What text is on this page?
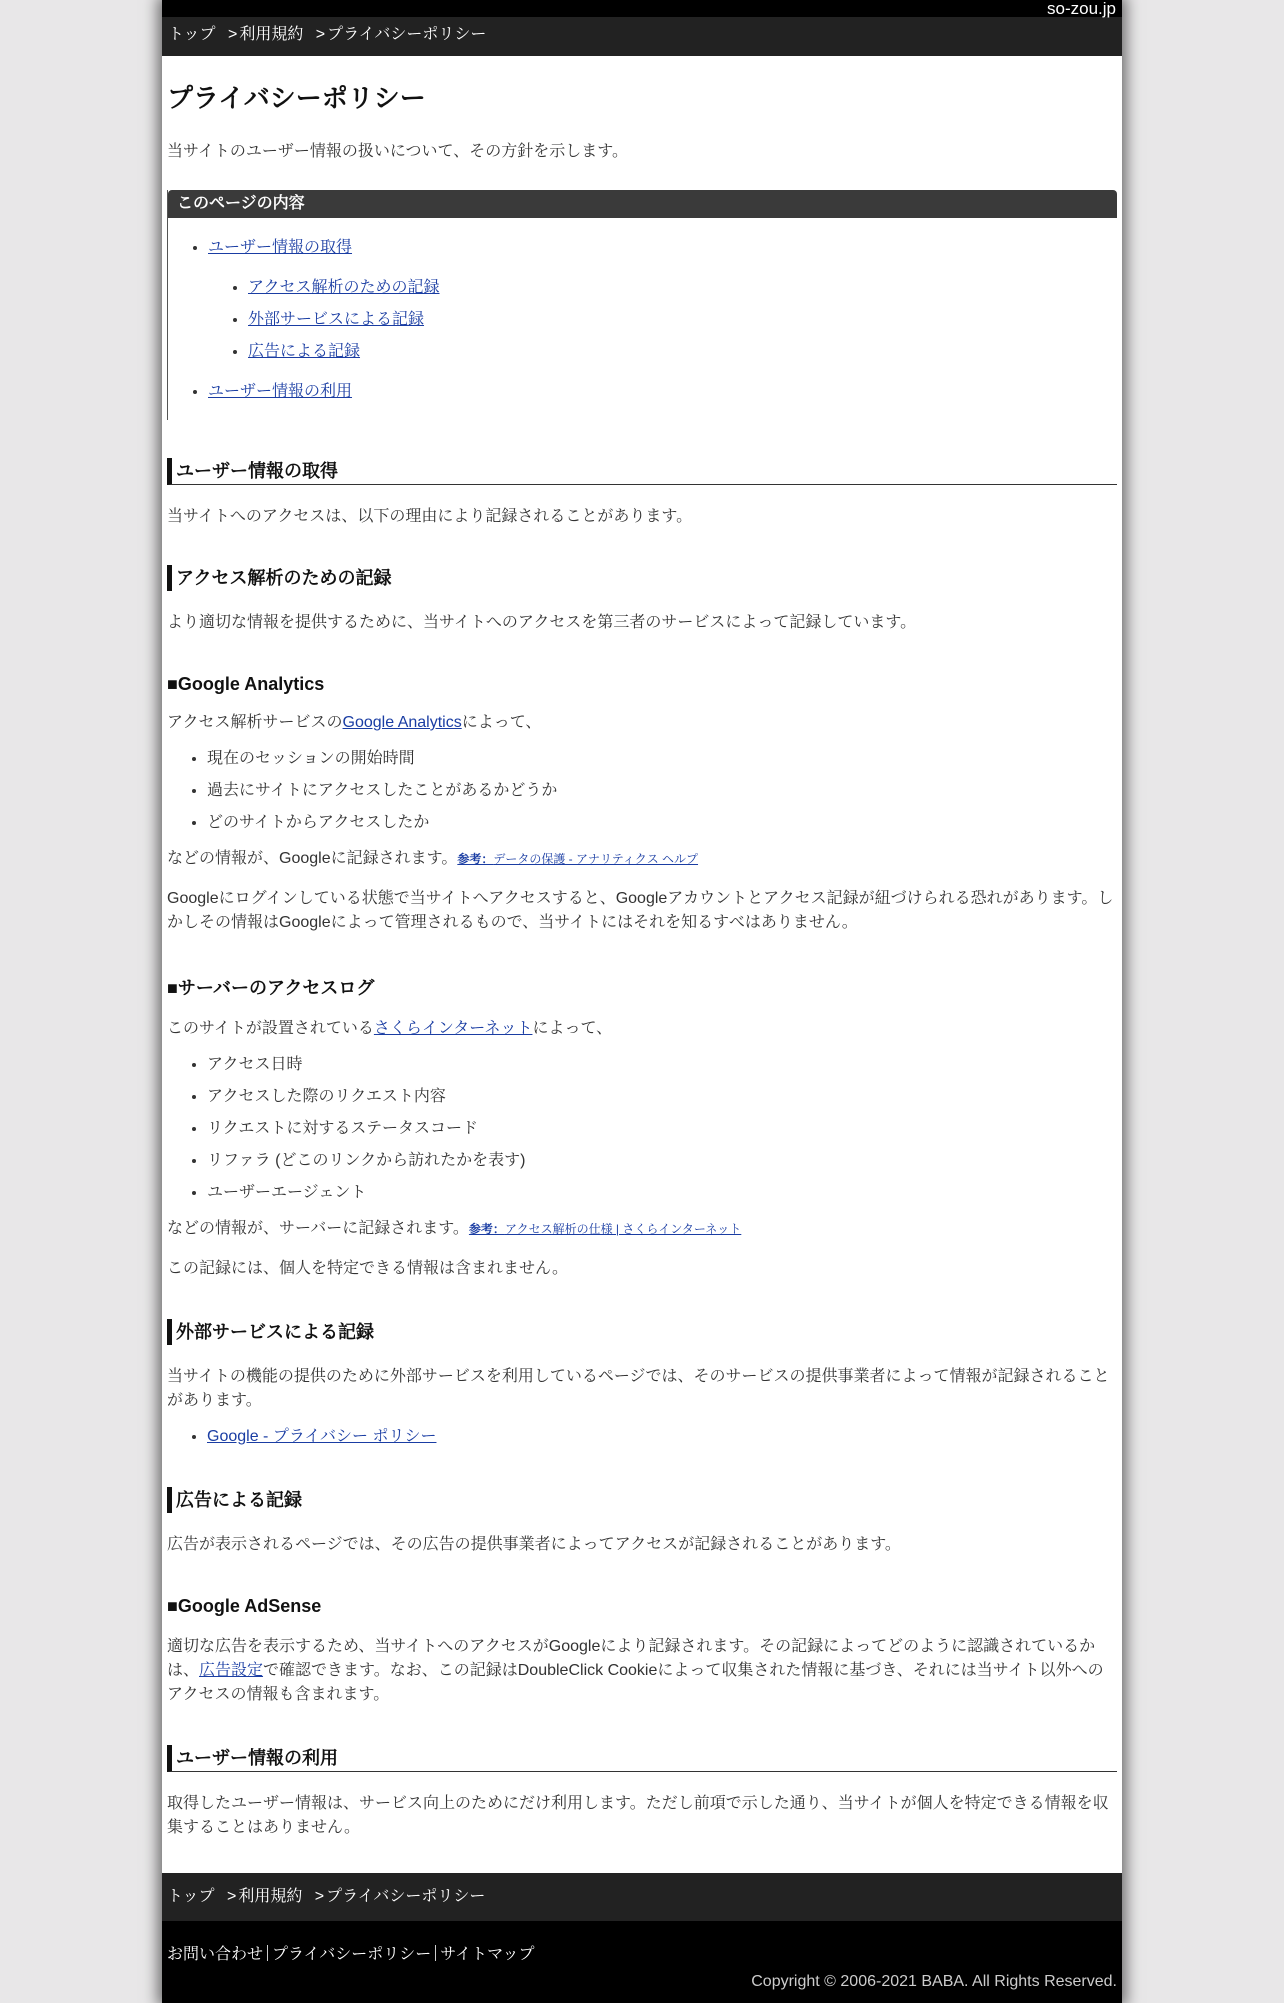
so-zou.jp
トップ > 利用規約 > プライバシーポリシー
プライバシーポリシー

当サイトのユーザー情報の扱いについて、その方針を示します。

このページの内容
• ユーザー情報の取得
• アクセス解析のための記録
• 外部サービスによる記録
• 広告による記録
• ユーザー情報の利用
ユーザー情報の取得

当サイトへのアクセスは、以下の理由により記録されることがあります。

アクセス解析のための記録

より適切な情報を提供するために、当サイトへのアクセスを第三者のサービスによって記録しています。

■Google Analytics

アクセス解析サービスのGoogle Analyticsによって、

• 現在のセッションの開始時間
• 過去にサイトにアクセスしたことがあるかどうか
• どのサイトからアクセスしたか

などの情報が、Googleに記録されます。参考：データの保護 - アナリティクス ヘルプ

Googleにログインしている状態で当サイトへアクセスすると、Googleアカウントとアクセス記録が紐づけられる恐れがあります。しかしその情報はGoogleによって管理されるもので、当サイトにはそれを知るすべはありません。

■サーバーのアクセスログ

このサイトが設置されているさくらインターネットによって、

• アクセス日時
• アクセスした際のリクエスト内容
• リクエストに対するステータスコード
• リファラ (どこのリンクから訪れたかを表す)
• ユーザーエージェント

などの情報が、サーバーに記録されます。参考：アクセス解析の仕様 | さくらインターネット

この記録には、個人を特定できる情報は含まれません。

外部サービスによる記録

当サイトの機能の提供のために外部サービスを利用しているページでは、そのサービスの提供事業者によって情報が記録されることがあります。

• Google - プライバシー ポリシー
広告による記録

広告が表示されるページでは、その広告の提供事業者によってアクセスが記録されることがあります。

■Google AdSense

適切な広告を表示するため、当サイトへのアクセスがGoogleにより記録されます。その記録によってどのように認識されているかは、広告設定で確認できます。なお、この記録はDoubleClick Cookieによって収集された情報に基づき、それには当サイト以外へのアクセスの情報も含まれます。

ユーザー情報の利用

取得したユーザー情報は、サービス向上のためにだけ利用します。ただし前項で示した通り、当サイトが個人を特定できる情報を収集することはありません。

トップ > 利用規約 > プライバシーポリシー
お問い合わせ プライバシーポリシー サイトマップ
Copyright © 2006-2021 BABA. All Rights Reserved.
